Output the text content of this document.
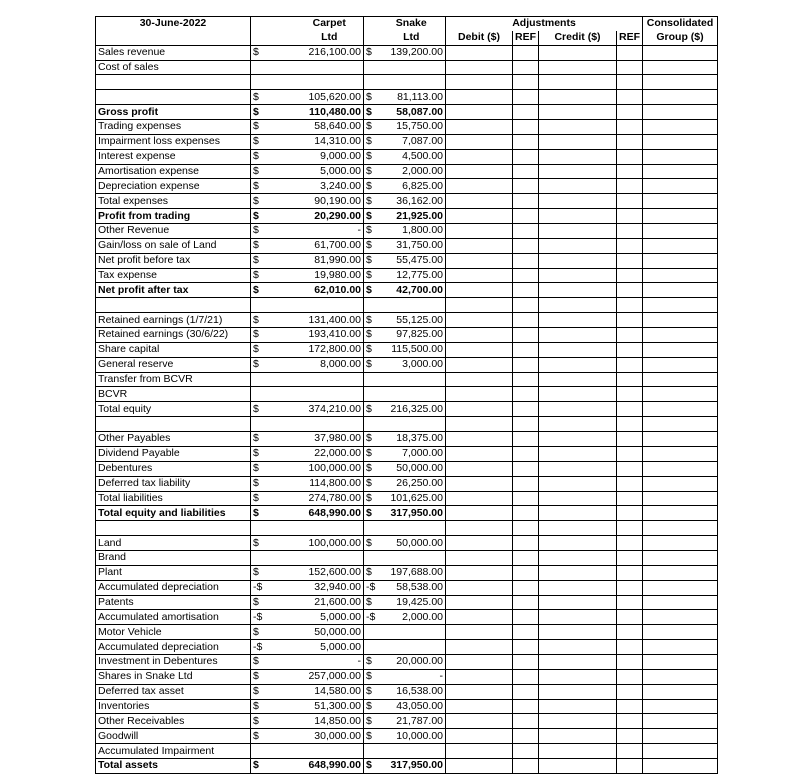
30-June-2022		Carpet		Snake	Adjustments				Consolidated
		Ltd		Ltd	Debit ($)	REF	Credit ($)	REF	Group ($)
Sales revenue	$	216,100.00	$	139,200.00					
Cost of sales									

	$	105,620.00	$	81,113.00					
Gross profit	$	110,480.00	$	58,087.00					
Trading expenses	$	58,640.00	$	15,750.00					
Impairment loss expenses	$	14,310.00	$	7,087.00					
Interest expense	$	9,000.00	$	4,500.00					
Amortisation expense	$	5,000.00	$	2,000.00					
Depreciation expense	$	3,240.00	$	6,825.00					
Total expenses	$	90,190.00	$	36,162.00					
Profit from trading	$	20,290.00	$	21,925.00					
Other Revenue	$	-	$	1,800.00					
Gain/loss on sale of Land	$	61,700.00	$	31,750.00					
Net profit before tax	$	81,990.00	$	55,475.00					
Tax expense	$	19,980.00	$	12,775.00					
Net profit after tax	$	62,010.00	$	42,700.00					

Retained earnings (1/7/21)	$	131,400.00	$	55,125.00					
Retained earnings (30/6/22)	$	193,410.00	$	97,825.00					
Share capital	$	172,800.00	$	115,500.00					
General reserve	$	8,000.00	$	3,000.00					
Transfer from BCVR									
BCVR									
Total equity	$	374,210.00	$	216,325.00					

Other Payables	$	37,980.00	$	18,375.00					
Dividend Payable	$	22,000.00	$	7,000.00					
Debentures	$	100,000.00	$	50,000.00					
Deferred tax liability	$	114,800.00	$	26,250.00					
Total liabilities	$	274,780.00	$	101,625.00					
Total equity and liabilities	$	648,990.00	$	317,950.00					

Land	$	100,000.00	$	50,000.00					
Brand									
Plant	$	152,600.00	$	197,688.00					
Accumulated depreciation	-$	32,940.00	-$	58,538.00					
Patents	$	21,600.00	$	19,425.00					
Accumulated amortisation	-$	5,000.00	-$	2,000.00					
Motor Vehicle	$	50,000.00							
Accumulated depreciation	-$	5,000.00							
Investment in Debentures	$	-	$	20,000.00					
Shares in Snake Ltd	$	257,000.00	$	-					
Deferred tax asset	$	14,580.00	$	16,538.00					
Inventories	$	51,300.00	$	43,050.00					
Other Receivables	$	14,850.00	$	21,787.00					
Goodwill	$	30,000.00	$	10,000.00					
Accumulated Impairment									
Total assets	$	648,990.00	$	317,950.00					
